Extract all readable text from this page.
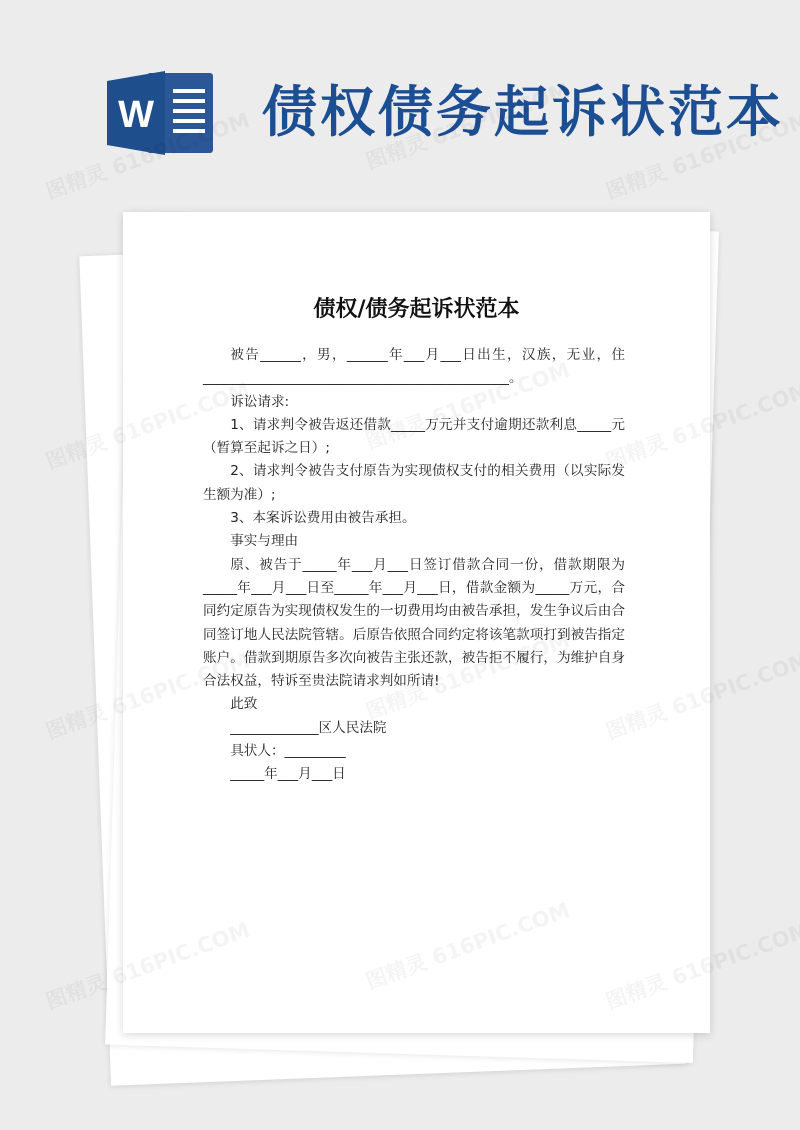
W 债权债务起诉状范本
债权/债务起诉状范本

被告______，男，______年___月___日出生，汉族，无业，住_____________________________________________。

诉讼请求:

1、请求判令被告返还借款_____万元并支付逾期还款利息_____元（暂算至起诉之日）;

2、请求判令被告支付原告为实现债权支付的相关费用（以实际发生额为准）;

3、本案诉讼费用由被告承担。

事实与理由

原、被告于_____年___月___日签订借款合同一份，借款期限为_____年___月___日至_____年___月___日，借款金额为_____万元，合同约定原告为实现债权发生的一切费用均由被告承担，发生争议后由合同签订地人民法院管辖。后原告依照合同约定将该笔款项打到被告指定账户。借款到期原告多次向被告主张还款，被告拒不履行，为维护自身合法权益，特诉至贵法院请求判如所请!

此致

_____________区人民法院

具状人：_________

_____年___月___日
